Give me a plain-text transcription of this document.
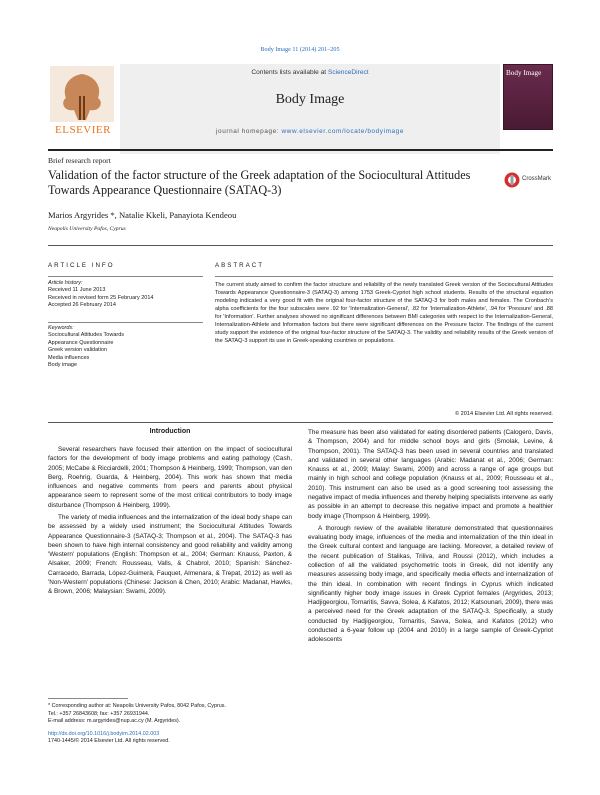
Body Image 11 (2014) 201–205
ELSEVIER
Contents lists available at ScienceDirect
Body Image
journal homepage: www.elsevier.com/locate/bodyimage
Body Image
Brief research report
Validation of the factor structure of the Greek adaptation of the Sociocultural Attitudes Towards Appearance Questionnaire (SATAQ-3)
CrossMark
Marios Argyrides *, Natalie Kkeli, Panayiota Kendeou
Neapolis University Pafos, Cyprus
ARTICLE INFO
Article history:
Received 11 June 2013
Received in revised form 25 February 2014
Accepted 26 February 2014
Keywords:
Sociocultural Attitudes Towards
Appearance Questionnaire
Greek version validation
Media influences
Body image
ABSTRACT
The current study aimed to confirm the factor structure and reliability of the newly translated Greek version of the Sociocultural Attitudes Towards Appearance Questionnaire-3 (SATAQ-3) among 1753 Greek-Cypriot high school students. Results of the structural equation modeling indicated a very good fit with the original four-factor structure of the SATAQ-3 for both males and females. The Cronbach's alpha coefficients for the four subscales were .92 for 'Internalization-General', .82 for 'Internalization-Athlete', .94 for 'Pressure' and .88 for 'Information'. Further analyses showed no significant differences between BMI categories with respect to the Internalization-General, Internalization-Athlete and Information factors but there were significant differences on the Pressure factor. The findings of the current study support the existence of the original four-factor structure of the SATAQ-3. The validity and reliability results of the Greek version of the SATAQ-3 support its use in Greek-speaking countries or populations.
© 2014 Elsevier Ltd. All rights reserved.
Introduction

Several researchers have focused their attention on the impact of sociocultural factors for the development of body image problems and eating pathology (Cash, 2005; McCabe & Ricciardelli, 2001; Thompson & Heinberg, 1999; Thompson, van den Berg, Roehrig, Guarda, & Heinberg, 2004). This work has shown that media influences and negative comments from peers and parents about physical appearance seem to represent some of the most critical contributors to body image disturbance (Thompson & Heinberg, 1999).

The variety of media influences and the internalization of the ideal body shape can be assessed by a widely used instrument; the Sociocultural Attitudes Towards Appearance Questionnaire-3 (SATAQ-3; Thompson et al., 2004). The SATAQ-3 has been shown to have high internal consistency and good reliability and validity among 'Western' populations (English: Thompson et al., 2004; German: Knauss, Paxton, & Alsaker, 2009; French: Rousseau, Valls, & Chabrol, 2010; Spanish: Sánchez-Carracedo, Barrada, López-Guimerà, Fauquet, Almenara, & Trepat, 2012) as well as 'Non-Western' populations (Chinese: Jackson & Chen, 2010; Arabic: Madanat, Hawks, & Brown, 2006; Malaysian: Swami, 2009).

The measure has been also validated for eating disordered patients (Calogero, Davis, & Thompson, 2004) and for middle school boys and girls (Smolak, Levine, & Thompson, 2001). The SATAQ-3 has been used in several countries and translated and validated in several other languages (Arabic: Madanat et al., 2006; German: Knauss et al., 2009; Malay: Swami, 2009) and across a range of age groups but mainly in high school and college population (Knauss et al., 2009; Rousseau et al., 2010). This instrument can also be used as a good screening tool assessing the negative impact of media influences and thereby helping specialists intervene as early as possible in an attempt to decrease this negative impact and promote a healthier body image (Thompson & Heinberg, 1999).

A thorough review of the available literature demonstrated that questionnaires evaluating body image, influences of the media and internalization of the thin ideal in the Greek cultural context and language are lacking. Moreover, a detailed review of the recent publication of Stalikas, Triliva, and Roussi (2012), which includes a collection of all the validated psychometric tools in Greek, did not identify any measures assessing body image, and specifically media effects and internalization of the thin ideal. In combination with recent findings in Cyprus which indicated significantly higher body image issues in Greek Cypriot females (Argyrides, 2013; Hadjigeorgiou, Tornaritis, Savva, Solea, & Kafatos, 2012; Katsounari, 2009), there was a perceived need for the Greek adaptation of the SATAQ-3. Specifically, a study conducted by Hadjigeorgiou, Tornaritis, Savva, Solea, and Kafatos (2012) who conducted a 6-year follow up (2004 and 2010) in a large sample of Greek-Cypriot adolescents

* Corresponding author at: Neapolis University Pafos, 8042 Pafos, Cyprus.
Tel.: +357 26843608; fax: +357 26931944.
E-mail address: m.argyrides@nup.ac.cy (M. Argyrides).
http://dx.doi.org/10.1016/j.bodyim.2014.02.003
1740-1445/© 2014 Elsevier Ltd. All rights reserved.
